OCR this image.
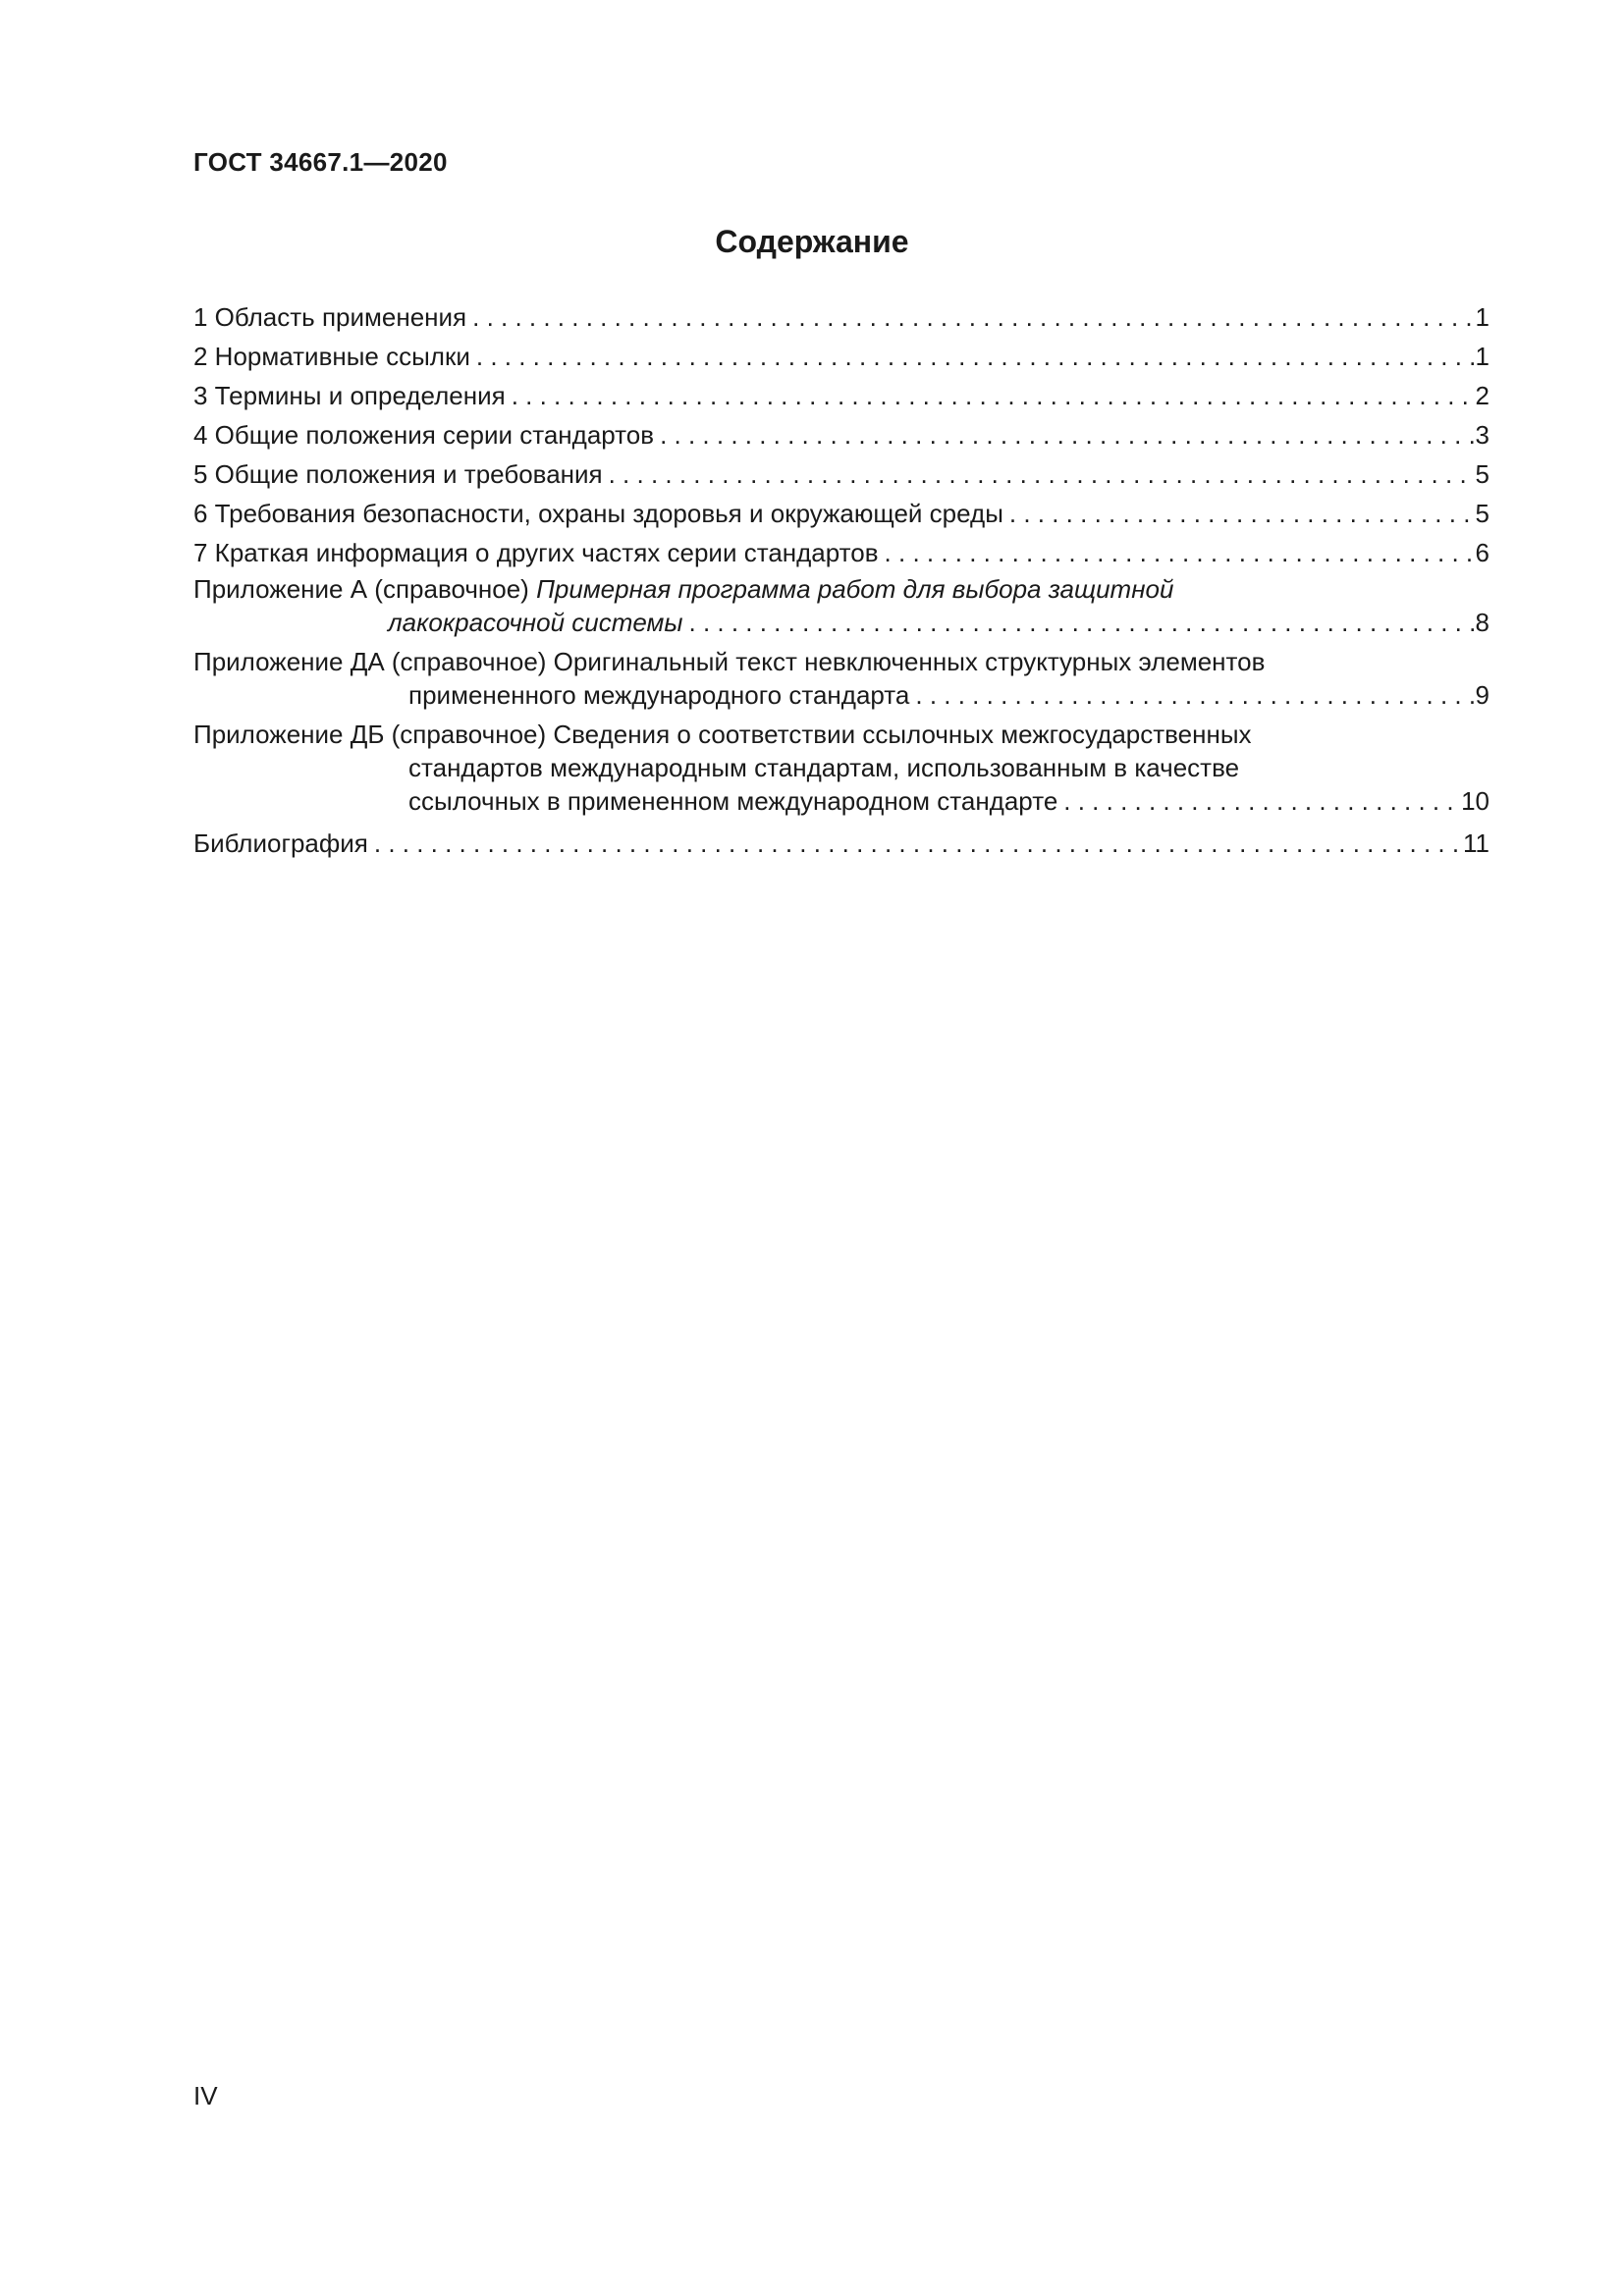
ГОСТ 34667.1—2020
Содержание
1 Область применения . . .	1
2 Нормативные ссылки . . .	1
3 Термины и определения . . .	2
4 Общие положения серии стандартов . . .	3
5 Общие положения и требования . . .	5
6 Требования безопасности, охраны здоровья и окружающей среды . . .	5
7 Краткая информация о других частях серии стандартов . . .	6
Приложение А (справочное) Примерная программа работ для выбора защитной
лакокрасочной системы . . .	8
Приложение ДА (справочное) Оригинальный текст невключенных структурных элементов
примененного международного стандарта . . .	9
Приложение ДБ (справочное) Сведения о соответствии ссылочных межгосударственных
стандартов международным стандартам, использованным в качестве
ссылочных в примененном международном стандарте . . .	10
Библиография . . .	11
IV
